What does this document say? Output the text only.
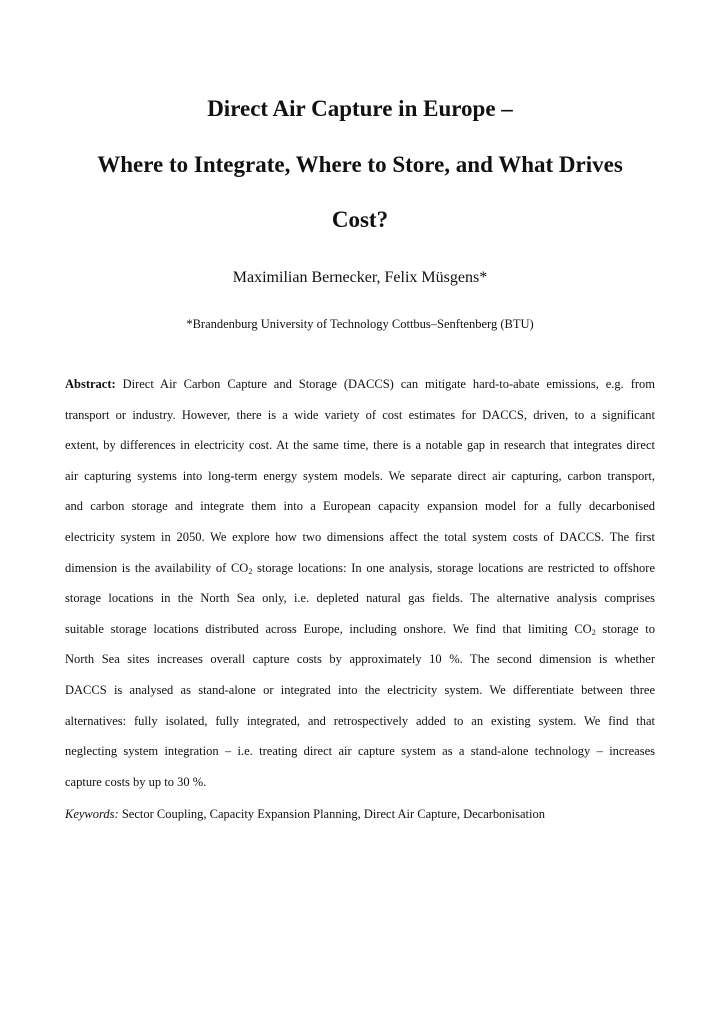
Direct Air Capture in Europe –
Where to Integrate, Where to Store, and What Drives
Cost?
Maximilian Bernecker, Felix Müsgens*
*Brandenburg University of Technology Cottbus–Senftenberg (BTU)
Abstract: Direct Air Carbon Capture and Storage (DACCS) can mitigate hard-to-abate emissions, e.g. from
transport or industry. However, there is a wide variety of cost estimates for DACCS, driven, to a significant
extent, by differences in electricity cost. At the same time, there is a notable gap in research that integrates direct
air capturing systems into long-term energy system models. We separate direct air capturing, carbon transport,
and carbon storage and integrate them into a European capacity expansion model for a fully decarbonised
electricity system in 2050. We explore how two dimensions affect the total system costs of DACCS. The first
dimension is the availability of $CO_2$ storage locations: In one analysis, storage locations are restricted to offshore
storage locations in the North Sea only, i.e. depleted natural gas fields. The alternative analysis comprises
suitable storage locations distributed across Europe, including onshore. We find that limiting $CO_2$ storage to
North Sea sites increases overall capture costs by approximately 10 %. The second dimension is whether
DACCS is analysed as stand-alone or integrated into the electricity system. We differentiate between three
alternatives: fully isolated, fully integrated, and retrospectively added to an existing system. We find that
neglecting system integration – i.e. treating direct air capture system as a stand-alone technology – increases
capture costs by up to 30 %.
Keywords: Sector Coupling, Capacity Expansion Planning, Direct Air Capture, Decarbonisation
